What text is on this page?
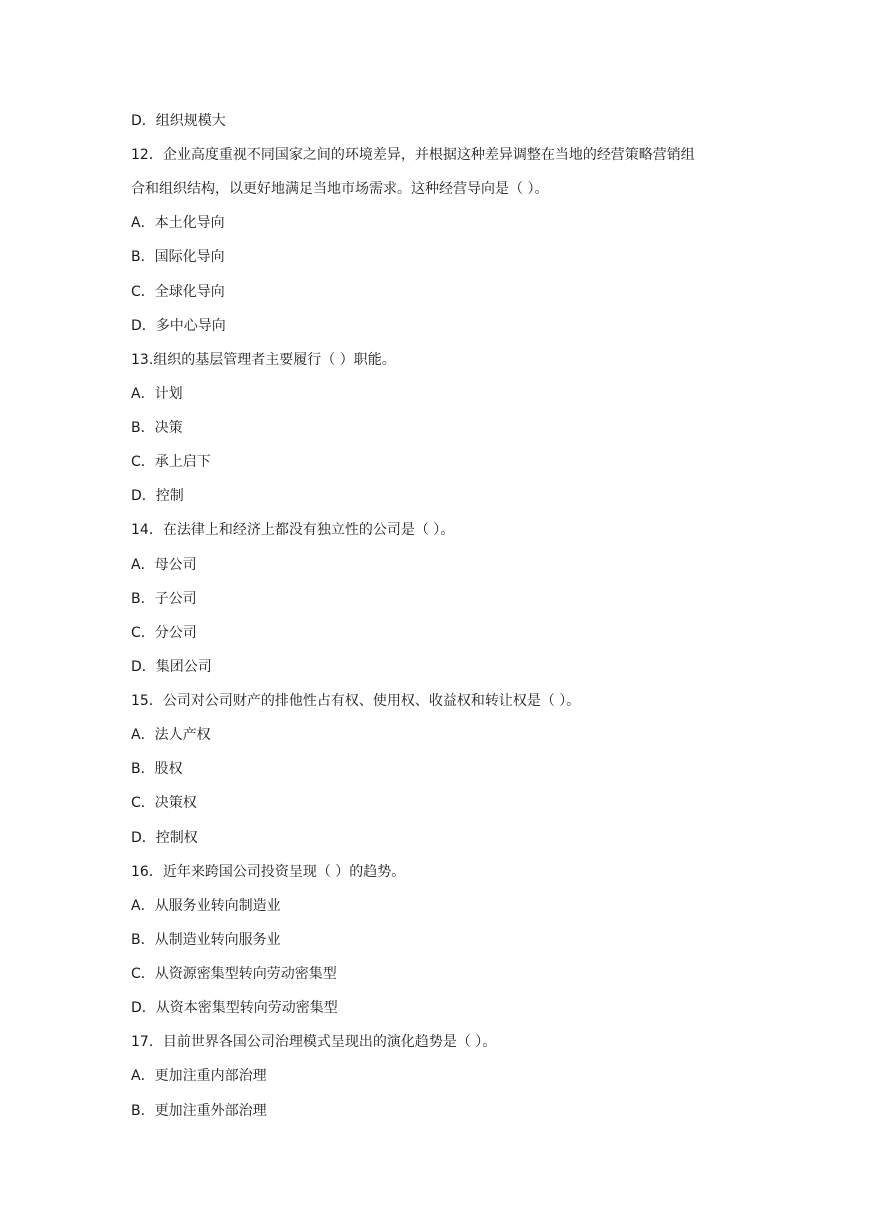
D．组织规模大
12．企业高度重视不同国家之间的环境差异，并根据这种差异调整在当地的经营策略营销组
合和组织结构，以更好地满足当地市场需求。这种经营导向是（ ）。
A．本土化导向
B．国际化导向
C．全球化导向
D．多中心导向
13.组织的基层管理者主要履行（ ）职能。
A．计划
B．决策
C．承上启下
D．控制
14．在法律上和经济上都没有独立性的公司是（ ）。
A．母公司
B．子公司
C．分公司
D．集团公司
15．公司对公司财产的排他性占有权、使用权、收益权和转让权是（ ）。
A．法人产权
B．股权
C．决策权
D．控制权
16．近年来跨国公司投资呈现（ ）的趋势。
A．从服务业转向制造业
B．从制造业转向服务业
C．从资源密集型转向劳动密集型
D．从资本密集型转向劳动密集型
17．目前世界各国公司治理模式呈现出的演化趋势是（ ）。
A．更加注重内部治理
B．更加注重外部治理
